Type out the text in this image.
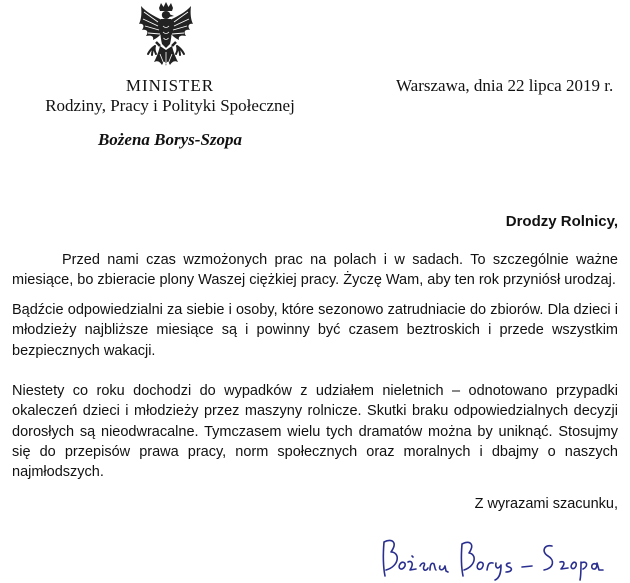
MINISTER
Rodziny, Pracy i Polityki Społecznej
Bożena Borys-Szopa
Warszawa, dnia 22 lipca 2019 r.
Drodzy Rolnicy,

Przed nami czas wzmożonych prac na polach i w sadach. To szczególnie ważne miesiące, bo zbieracie plony Waszej ciężkiej pracy. Życzę Wam, aby ten rok przyniósł urodzaj.

Bądźcie odpowiedzialni za siebie i osoby, które sezonowo zatrudniacie do zbiorów. Dla dzieci i młodzieży najbliższe miesiące są i powinny być czasem beztroskich i przede wszystkim bezpiecznych wakacji.

Niestety co roku dochodzi do wypadków z udziałem nieletnich – odnotowano przypadki okaleczeń dzieci i młodzieży przez maszyny rolnicze. Skutki braku odpowiedzialnych decyzji dorosłych są nieodwracalne. Tymczasem wielu tych dramatów można by uniknąć. Stosujmy się do przepisów prawa pracy, norm społecznych oraz moralnych i dbajmy o naszych najmłodszych.

Z wyrazami szacunku,
